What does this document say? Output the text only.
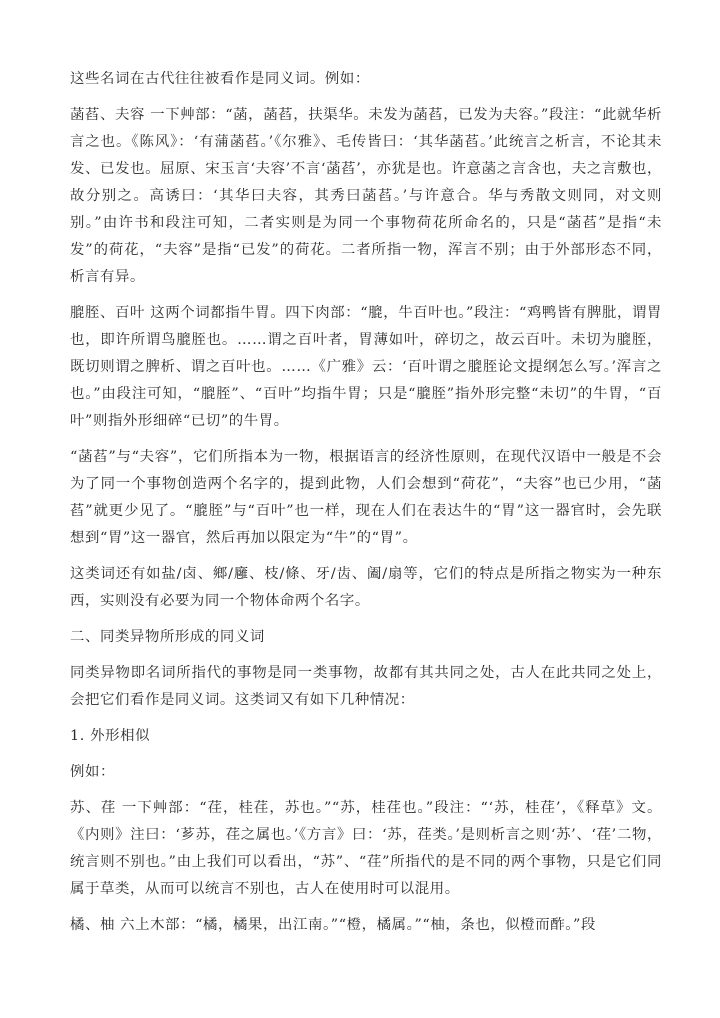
这些名词在古代往往被看作是同义词。例如：

菡萏、夫容 一下艸部：“菡，菡萏，扶渠华。未发为菡萏，已发为夫容。”段注：“此就华析言之也。《陈风》：‘有蒲菡萏。’《尔雅》、毛传皆曰：‘其华菡萏。’此统言之析言，不论其未发、已发也。屈原、宋玉言‘夫容’不言‘菡萏’，亦犹是也。许意菡之言含也，夫之言敷也，故分别之。高诱曰：‘其华曰夫容，其秀曰菡萏。’与许意合。华与秀散文则同，对文则别。”由许书和段注可知，二者实则是为同一个事物荷花所命名的，只是“菡萏”是指“未发”的荷花，“夫容”是指“已发”的荷花。二者所指一物，浑言不别；由于外部形态不同，析言有异。

膍胵、百叶 这两个词都指牛胃。四下肉部：“膍，牛百叶也。”段注：“鸡鸭皆有脾肶，谓胃也，即许所谓鸟膍胵也。……谓之百叶者，胃薄如叶，碎切之，故云百叶。未切为膍胵，既切则谓之脾析、谓之百叶也。……《广雅》云：‘百叶谓之膍胵论文提纲怎么写。’浑言之也。”由段注可知，“膍胵”、“百叶”均指牛胃；只是“膍胵”指外形完整“未切”的牛胃，“百叶”则指外形细碎“已切”的牛胃。

“菡萏”与“夫容”，它们所指本为一物，根据语言的经济性原则，在现代汉语中一般是不会为了同一个事物创造两个名字的，提到此物，人们会想到“荷花”，“夫容”也已少用，“菡萏”就更少见了。“膍胵”与“百叶”也一样，现在人们在表达牛的“胃”这一器官时，会先联想到“胃”这一器官，然后再加以限定为“牛”的“胃”。

这类词还有如盐/卤、鄉/廱、枝/條、牙/齿、阖/扇等，它们的特点是所指之物实为一种东西，实则没有必要为同一个物体命两个名字。

二、同类异物所形成的同义词

同类异物即名词所指代的事物是同一类事物，故都有其共同之处，古人在此共同之处上，会把它们看作是同义词。这类词又有如下几种情况：

1. 外形相似

例如：

苏、荏 一下艸部：“荏，桂荏，苏也。”“苏，桂荏也。”段注：“‘苏，桂荏’，《释草》文。《内则》注曰：‘芗苏，荏之属也。’《方言》曰：‘苏，荏类。’是则析言之则‘苏’、‘荏’二物，统言则不别也。”由上我们可以看出，“苏”、“荏”所指代的是不同的两个事物，只是它们同属于草类，从而可以统言不别也，古人在使用时可以混用。

橘、柚 六上木部：“橘，橘果，出江南。”“橙，橘属。”“柚，条也，似橙而酢。”段
